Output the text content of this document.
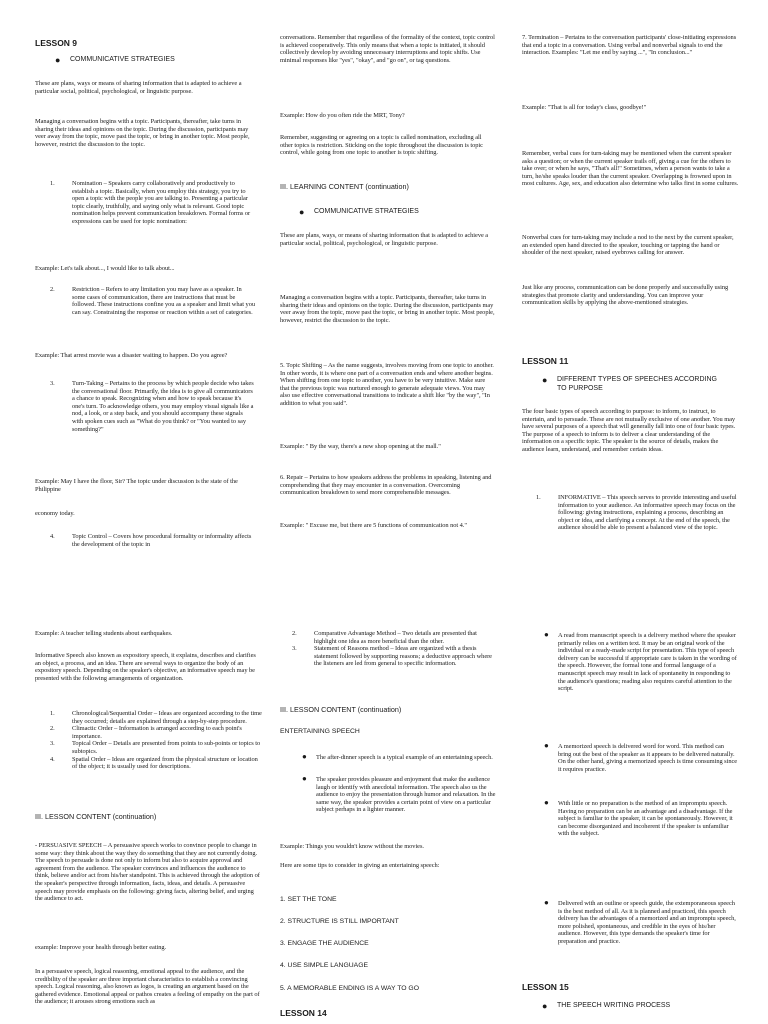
LESSON 9
● COMMUNICATIVE STRATEGIES
These are plans, ways or means of sharing information that is adapted to achieve a particular social, political, psychological, or linguistic purpose.
Managing a conversation begins with a topic. Participants, thereafter, take turns in sharing their ideas and opinions on the topic. During the discussion, participants may veer away from the topic, move past the topic, or bring in another topic. Most people, however, restrict the discussion to the topic.
1.	Nomination – Speakers carry collaboratively and productively to establish a topic. Basically, when you employ this strategy, you try to open a topic with the people you are talking to. Presenting a particular topic clearly, truthfully, and saying only what is relevant. Good topic nomination helps prevent communication breakdown. Formal forms or expressions can be used for topic nomination:
Example: Let's talk about..., I would like to talk about...
2.	Restriction – Refers to any limitation you may have as a speaker. In some cases of communication, there are instructions that must be followed. These instructions confine you as a speaker and limit what you can say. Constraining the response or reaction within a set of categories.
Example: That arrest movie was a disaster waiting to happen. Do you agree?
3.	Turn-Taking – Pertains to the process by which people decide who takes the conversational floor. Primarily, the idea is to give all communicators a chance to speak. Recognizing when and how to speak because it's one's turn. To acknowledge others, you may employ visual signals like a nod, a look, or a step back, and you should accompany these signals with spoken cues such as "What do you think? or "You wanted to say something?"
Example: May I have the floor, Sir? The topic under discussion is the state of the Philippine
economy today.
4.	Topic Control – Covers how procedural formality or informality affects the development of the topic in
conversations. Remember that regardless of the formality of the context, topic control is achieved cooperatively. This only means that when a topic is initiated, it should collectively develop by avoiding unnecessary interruptions and topic shifts. Use minimal responses like "yes", "okay", and "go on", or tag questions.
Example: How do you often ride the MRT, Tony?
Remember, suggesting or agreeing on a topic is called nomination, excluding all other topics is restriction. Sticking on the topic throughout the discussion is topic control, while going from one topic to another is topic shifting.
III. LEARNING CONTENT (continuation)
● COMMUNICATIVE STRATEGIES
These are plans, ways, or means of sharing information that is adapted to achieve a particular social, political, psychological, or linguistic purpose.
Managing a conversation begins with a topic. Participants, thereafter, take turns in sharing their ideas and opinions on the topic. During the discussion, participants may veer away from the topic, move past the topic, or bring in another topic. Most people, however, restrict the discussion to the topic.
5. Topic Shifting – As the name suggests, involves moving from one topic to another. In other words, it is where one part of a conversation ends and where another begins. When shifting from one topic to another, you have to be very intuitive. Make sure that the previous topic was nurtured enough to generate adequate views. You may also use effective conversational transitions to indicate a shift like "by the way", "In addition to what you said".
Example: " By the way, there's a new shop opening at the mall."
6. Repair – Pertains to how speakers address the problems in speaking, listening and comprehending that they may encounter in a conversation. Overcoming communication breakdown to send more comprehensible messages.
Example: " Excuse me, but there are 5 functions of communication not 4."
7. Termination – Pertains to the conversation participants' close-initiating expressions that end a topic in a conversation. Using verbal and nonverbal signals to end the interaction. Examples: "Let me end by saying ...", "In conclusion..."
Example: "That is all for today's class, goodbye!"
Remember, verbal cues for turn-taking may be mentioned when the current speaker asks a question; or when the current speaker trails off, giving a cue for the others to take over; or when he says, "That's all!" Sometimes, when a person wants to take a turn, he/she speaks louder than the current speaker. Overlapping is frowned upon in most cultures. Age, sex, and education also determine who talks first in some cultures.
Nonverbal cues for turn-taking may include a nod to the next by the current speaker, an extended open hand directed to the speaker, touching or tapping the hand or shoulder of the next speaker, raised eyebrows calling for answer.
Just like any process, communication can be done properly and successfully using strategies that promote clarity and understanding. You can improve your communication skills by applying the above-mentioned strategies.
LESSON 11
● DIFFERENT TYPES OF SPEECHES ACCORDING TO PURPOSE
The four basic types of speech according to purpose: to inform, to instruct, to entertain, and to persuade. These are not mutually exclusive of one another. You may have several purposes of a speech that will generally fall into one of four basic types. The purpose of a speech to inform is to deliver a clear understanding of the information on a specific topic. The speaker is the source of details, makes the audience learn, understand, and remember certain ideas.
1.	INFORMATIVE – This speech serves to provide interesting and useful information to your audience. An informative speech may focus on the following: giving instructions, explaining a process, describing an object or idea, and clarifying a concept. At the end of the speech, the audience should be able to present a balanced view of the topic.
Example: A teacher telling students about earthquakes.
Informative Speech also known as expository speech, it explains, describes and clarifies an object, a process, and an idea. There are several ways to organize the body of an expository speech. Depending on the speaker's objective, an informative speech may be presented with the following arrangements of organization.
1.	Chronological/Sequential Order – Ideas are organized according to the time they occurred; details are explained through a step-by-step procedure.
2.	Climactic Order – Information is arranged according to each point's importance.
3.	Topical Order – Details are presented from points to sub-points or topics to subtopics.
4.	Spatial Order – Ideas are organized from the physical structure or location of the object; it is usually used for descriptions.
III. LESSON CONTENT (continuation)
- PERSUASIVE SPEECH – A persuasive speech works to convince people to change in some way: they think about the way they do something that they are not currently doing. The speech to persuade is done not only to inform but also to acquire approval and agreement from the audience. The speaker convinces and influences the audience to think, believe and/or act from his/her standpoint. This is achieved through the adoption of the speaker's perspective through information, facts, ideas, and details. A persuasive speech may provide emphasis on the following: giving facts, altering belief, and urging the audience to act.
example: Improve your health through better eating.
In a persuasive speech, logical reasoning, emotional appeal to the audience, and the credibility of the speaker are three important characteristics to establish a convincing speech. Logical reasoning, also known as logos, is creating an argument based on the gathered evidence. Emotional appeal or pathos creates a feeling of empathy on the part of the audience; it arouses strong emotions such as
2.	Comparative Advantage Method – Two details are presented that highlight one idea as more beneficial than the other.
3.	Statement of Reasons method – Ideas are organized with a thesis statement followed by supporting reasons; a deductive approach where the listeners are led from general to specific information.
III. LESSON CONTENT (continuation)
ENTERTAINING SPEECH
● The after-dinner speech is a typical example of an entertaining speech.
● The speaker provides pleasure and enjoyment that make the audience laugh or identify with anecdotal information. The speech also us the audience to enjoy the presentation through humor and relaxation. In the same way, the speaker provides a certain point of view on a particular subject perhaps in a lighter manner.
Example: Things you wouldn't know without the movies.
Here are some tips to consider in giving an entertaining speech:
1. SET THE TONE
2. STRUCTURE IS STILL IMPORTANT
3. ENGAGE THE AUDIENCE
4. USE SIMPLE LANGUAGE
5. A MEMORABLE ENDING IS A WAY TO GO
LESSON 14
● A read from manuscript speech is a delivery method where the speaker primarily relies on a written text. It may be an original work of the individual or a ready-made script for presentation. This type of speech delivery can be successful if appropriate care is taken in the wording of the speech. However, the formal tone and formal language of a manuscript speech may result in lack of spontaneity in responding to the audience's questions; reading also requires careful attention to the script.
● A memorized speech is delivered word for word. This method can bring out the best of the speaker as it appears to be delivered naturally. On the other hand, giving a memorized speech is time consuming since it requires practice.
● With little or no preparation is the method of an impromptu speech. Having no preparation can be an advantage and a disadvantage. If the subject is familiar to the speaker, it can be spontaneously. However, it can become disorganized and incoherent if the speaker is unfamiliar with the subject.
● Delivered with an outline or speech guide, the extemporaneous speech is the best method of all. As it is planned and practiced, this speech delivery has the advantages of a memorized and an impromptu speech, more polished, spontaneous, and credible in the eyes of his/her audience. However, this type demands the speaker's time for preparation and practice.
LESSON 15
● THE SPEECH WRITING PROCESS
